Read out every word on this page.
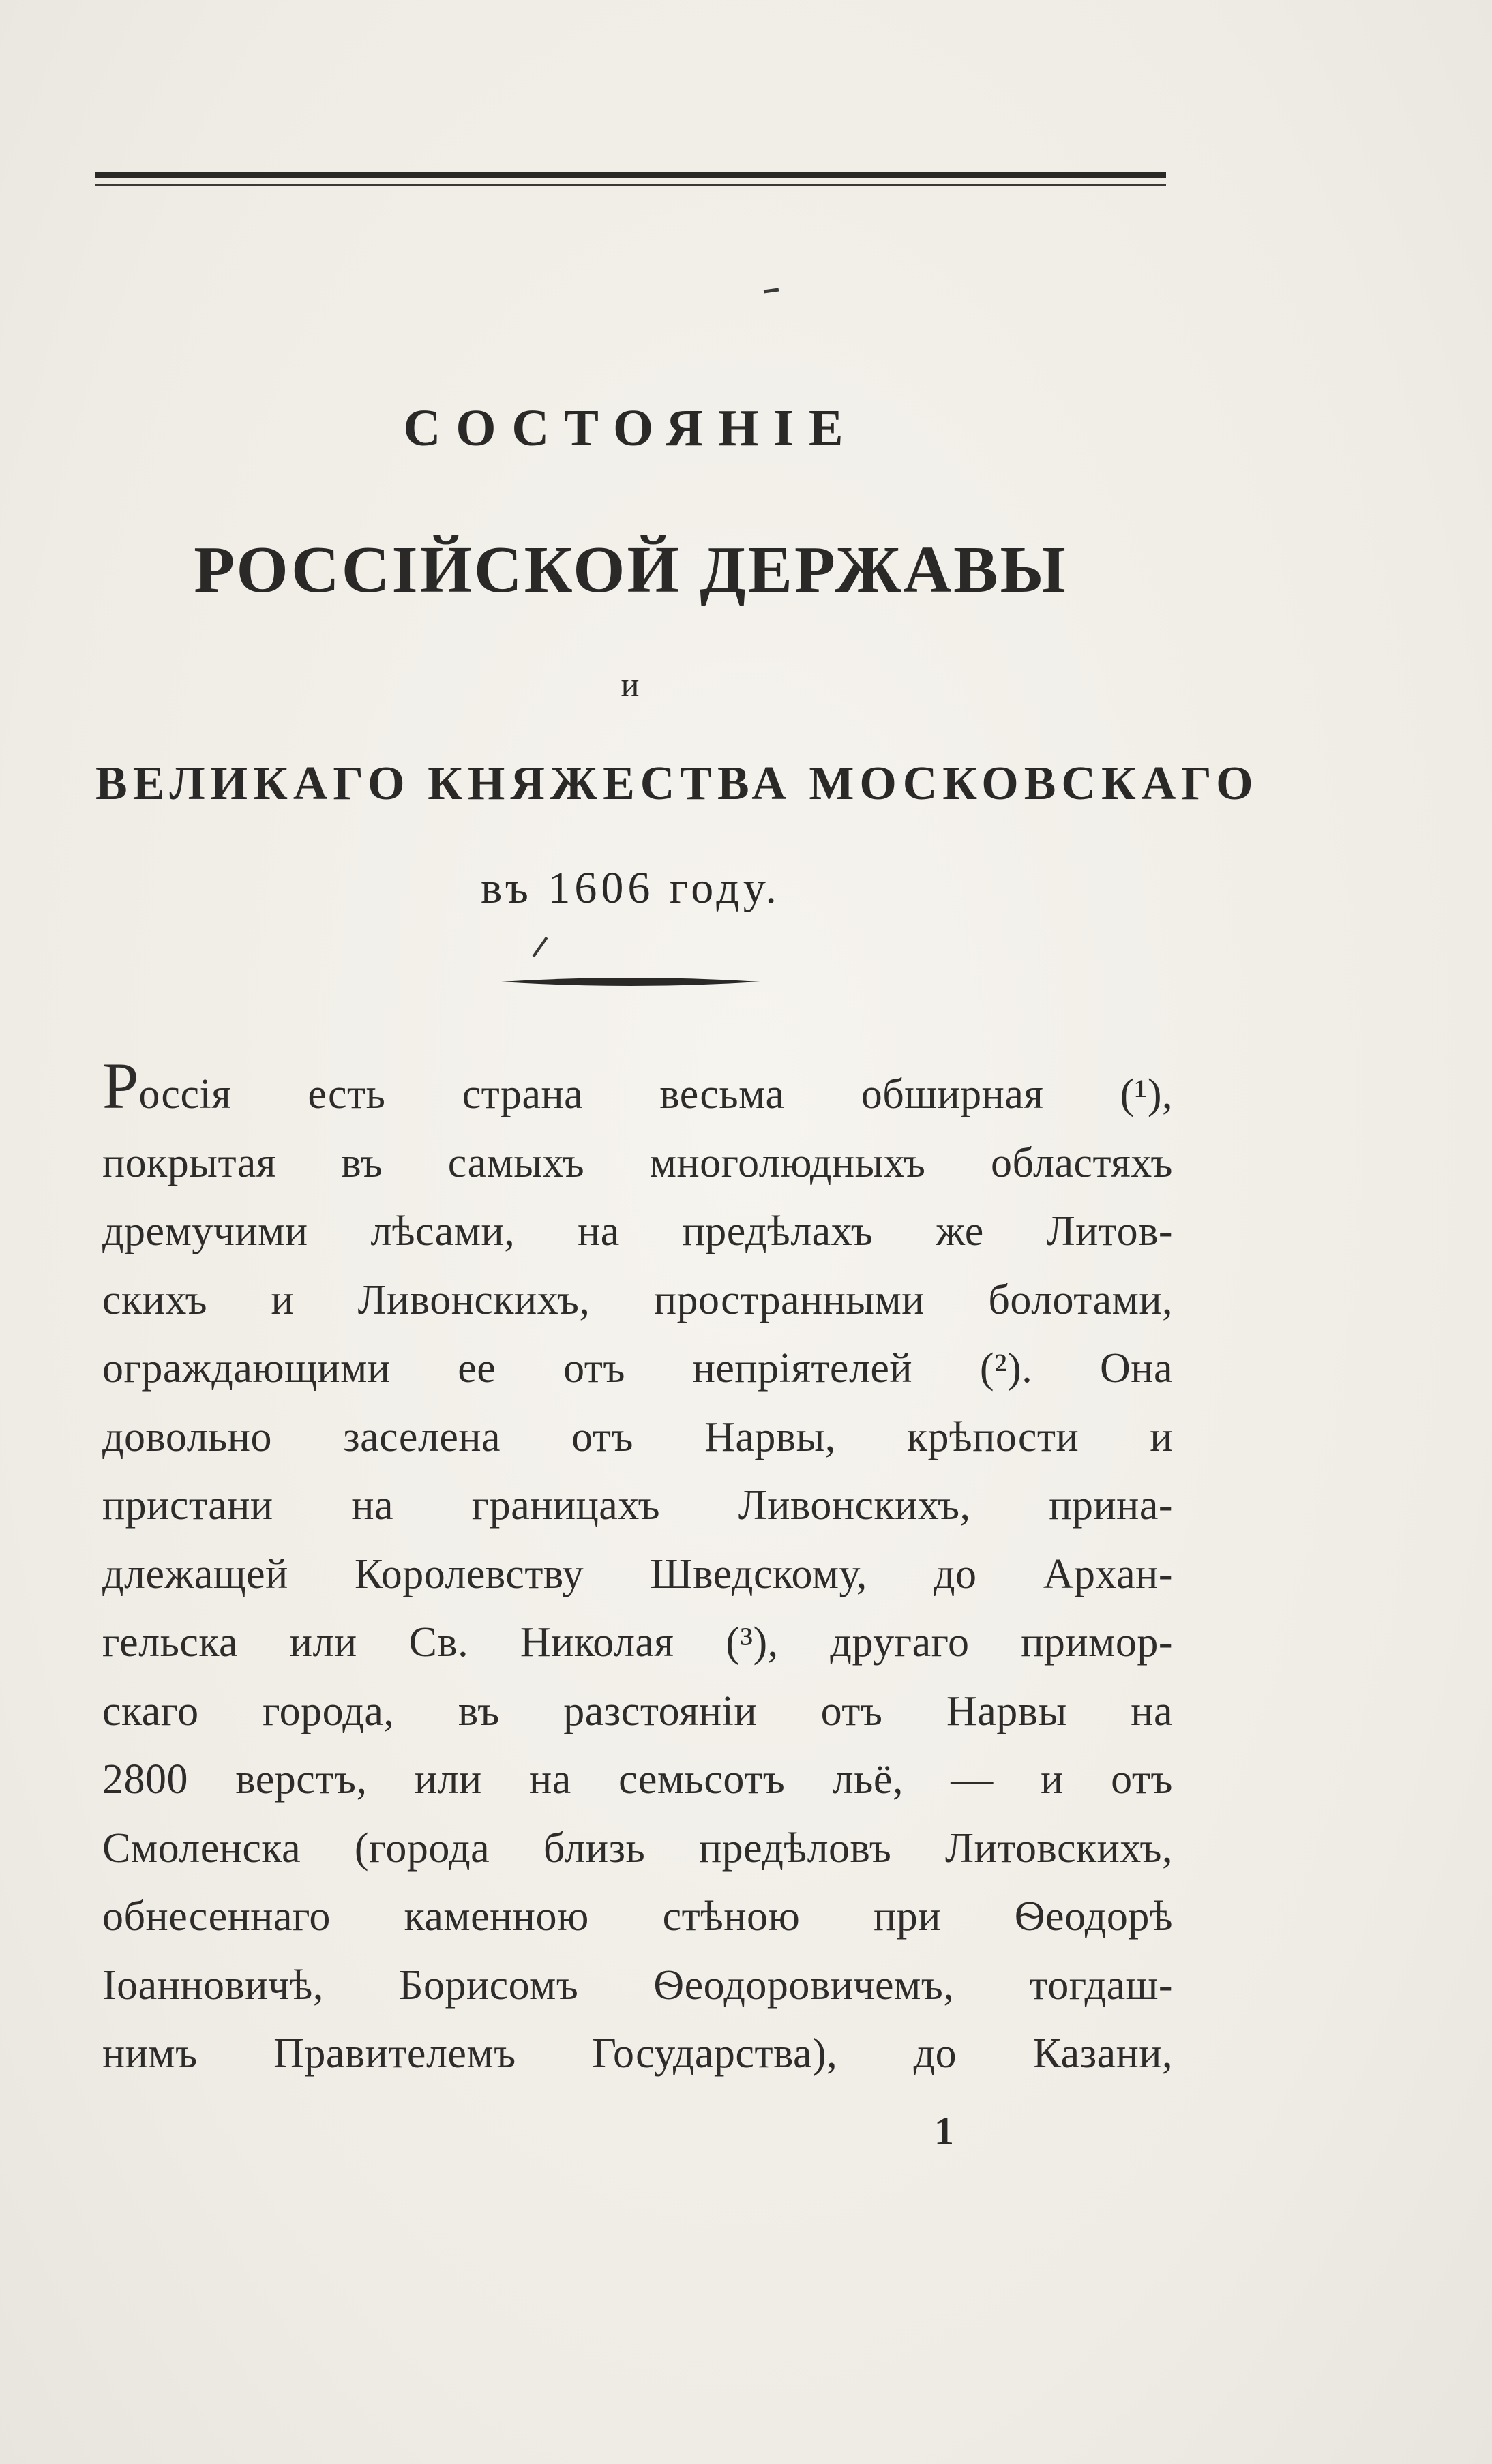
СОСТОЯНІЕ
РОССІЙСКОЙ ДЕРЖАВЫ
и
ВЕЛИКАГО КНЯЖЕСТВА МОСКОВСКАГО
въ 1606 году.
Россія есть страна весьма обширная (¹),
покрытая въ самыхъ многолюдныхъ областяхъ
дремучими лѣсами, на предѣлахъ же Литов-
скихъ и Ливонскихъ, пространными болотами,
ограждающими ее отъ непріятелей (²). Она
довольно заселена отъ Нарвы, крѣпости и
пристани на границахъ Ливонскихъ, прина-
длежащей Королевству Шведскому, до Архан-
гельска или Св. Николая (³), другаго примор-
скаго города, въ разстояніи отъ Нарвы на
2800 верстъ, или на семьсотъ льё, — и отъ
Смоленска (города близь предѣловъ Литовскихъ,
обнесеннаго каменною стѣною при Ѳеодорѣ
Іоанновичѣ, Борисомъ Ѳеодоровичемъ, тогдаш-
нимъ Правителемъ Государства), до Казани,
1
